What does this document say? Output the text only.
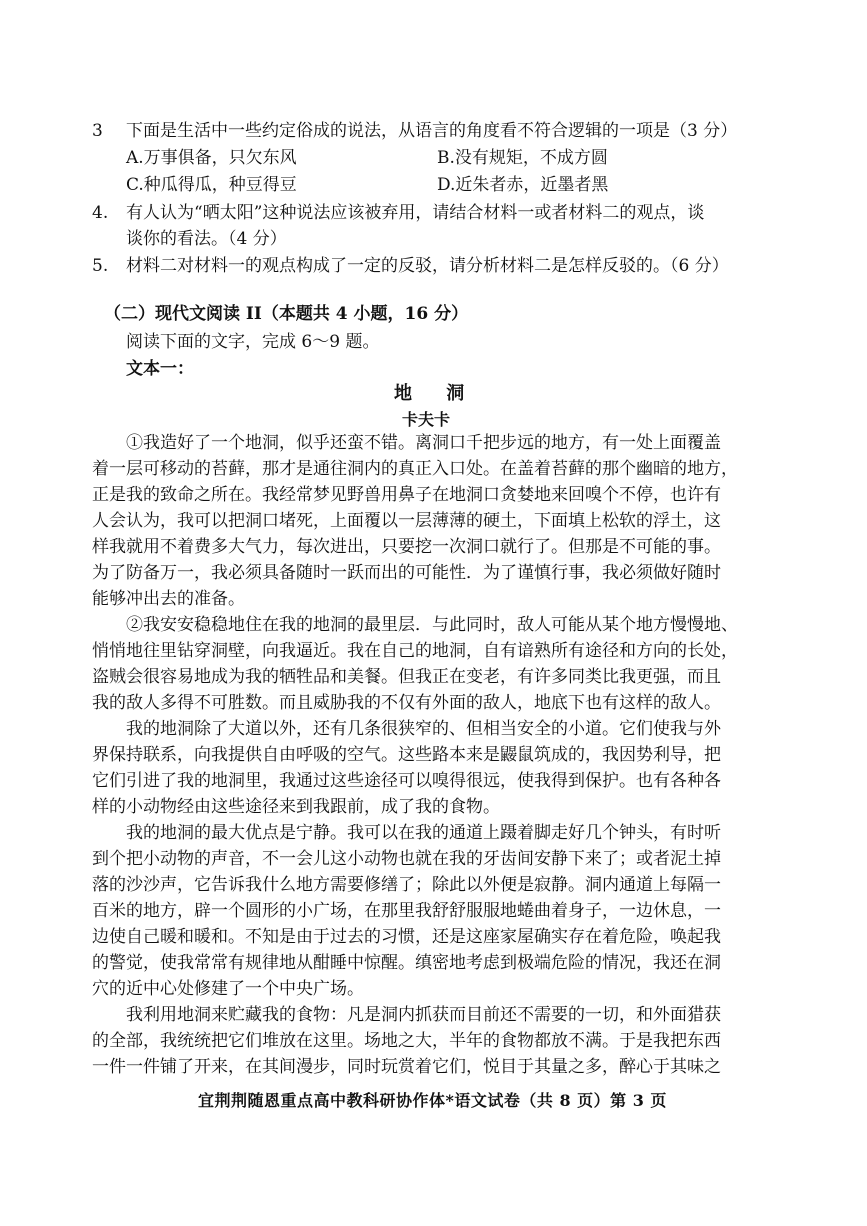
3 下面是生活中一些约定俗成的说法，从语言的角度看不符合逻辑的一项是（3 分）
A.万事俱备，只欠东风	B.没有规矩，不成方圆
C.种瓜得瓜，种豆得豆	D.近朱者赤，近墨者黑
4. 有人认为“晒太阳”这种说法应该被弃用，请结合材料一或者材料二的观点，谈
谈你的看法。（4 分）
5. 材料二对材料一的观点构成了一定的反驳，请分析材料二是怎样反驳的。（6 分）
（二）现代文阅读 II（本题共 4 小题，16 分）
阅读下面的文字，完成 6～9 题。
文本一：
地 洞
卡夫卡
①我造好了一个地洞，似乎还蛮不错。离洞口千把步远的地方，有一处上面覆盖
着一层可移动的苔藓，那才是通往洞内的真正入口处。在盖着苔藓的那个幽暗的地方，
正是我的致命之所在。我经常梦见野兽用鼻子在地洞口贪婪地来回嗅个不停，也许有
人会认为，我可以把洞口堵死，上面覆以一层薄薄的硬土，下面填上松软的浮土，这
样我就用不着费多大气力，每次进出，只要挖一次洞口就行了。但那是不可能的事。
为了防备万一，我必须具备随时一跃而出的可能性．为了谨慎行事，我必须做好随时
能够冲出去的准备。
②我安安稳稳地住在我的地洞的最里层．与此同时，敌人可能从某个地方慢慢地、
悄悄地往里钻穿洞壁，向我逼近。我在自己的地洞，自有谙熟所有途径和方向的长处，
盗贼会很容易地成为我的牺牲品和美餐。但我正在变老，有许多同类比我更强，而且
我的敌人多得不可胜数。而且威胁我的不仅有外面的敌人，地底下也有这样的敌人。
我的地洞除了大道以外，还有几条很狭窄的、但相当安全的小道。它们使我与外
界保持联系，向我提供自由呼吸的空气。这些路本来是鼹鼠筑成的，我因势利导，把
它们引进了我的地洞里，我通过这些途径可以嗅得很远，使我得到保护。也有各种各
样的小动物经由这些途径来到我跟前，成了我的食物。
我的地洞的最大优点是宁静。我可以在我的通道上蹑着脚走好几个钟头，有时听
到个把小动物的声音，不一会儿这小动物也就在我的牙齿间安静下来了；或者泥土掉
落的沙沙声，它告诉我什么地方需要修缮了；除此以外便是寂静。洞内通道上每隔一
百米的地方，辟一个圆形的小广场，在那里我舒舒服服地蜷曲着身子，一边休息，一
边使自己暖和暖和。不知是由于过去的习惯，还是这座家屋确实存在着危险，唤起我
的警觉，使我常常有规律地从酣睡中惊醒。缜密地考虑到极端危险的情况，我还在洞
穴的近中心处修建了一个中央广场。
我利用地洞来贮藏我的食物：凡是洞内抓获而目前还不需要的一切，和外面猎获
的全部，我统统把它们堆放在这里。场地之大，半年的食物都放不满。于是我把东西
一件一件铺了开来，在其间漫步，同时玩赏着它们，悦目于其量之多，醉心于其味之
宜荆荆随恩重点高中教科研协作体*语文试卷（共 8 页）第 3 页
